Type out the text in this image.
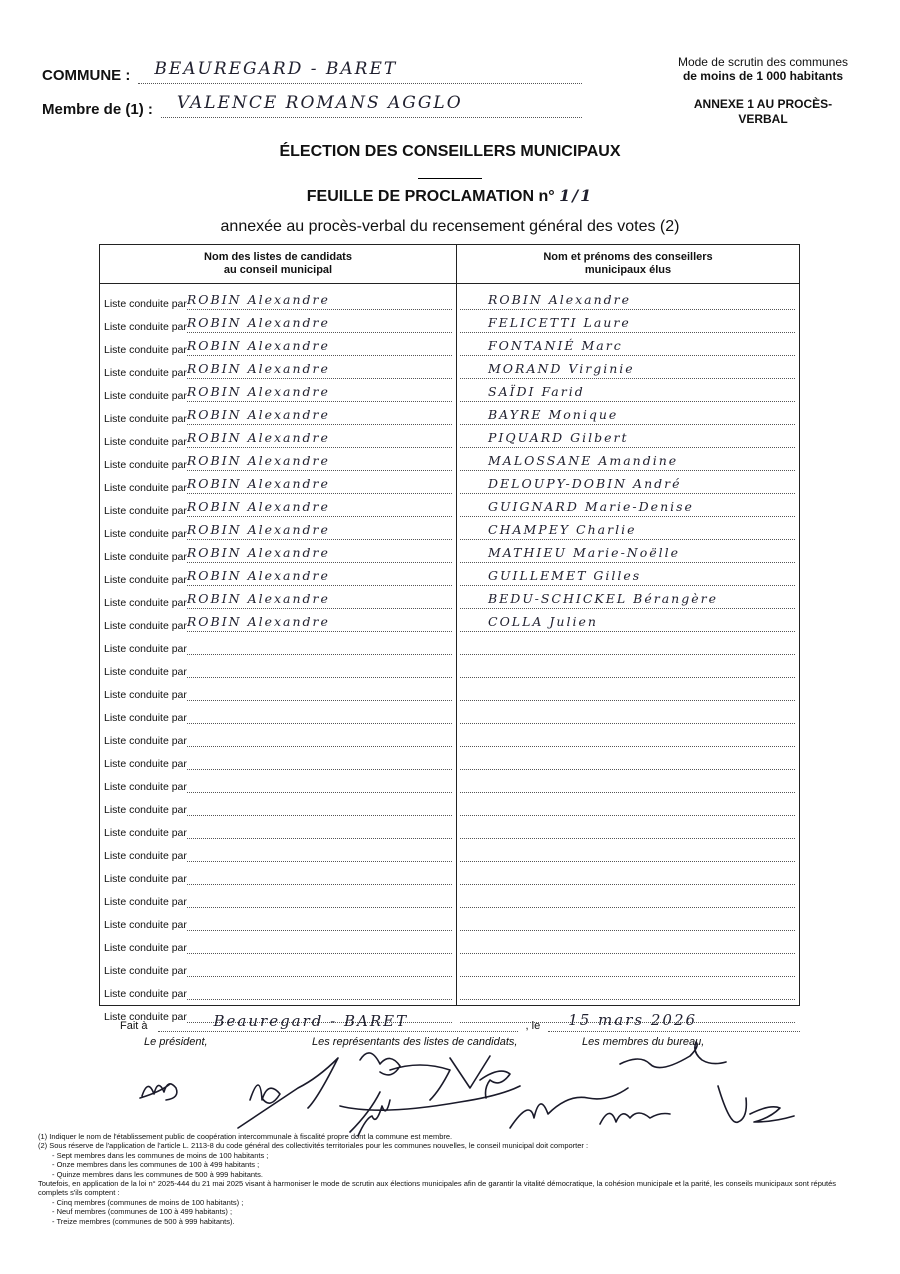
COMMUNE :	BEAUREGARD - BARET
Membre de (1) :	VALENCE ROMANS AGGLO
Mode de scrutin des communes
de moins de 1 000 habitants
ANNEXE 1 AU PROCÈS-
VERBAL
ÉLECTION DES CONSEILLERS MUNICIPAUX
FEUILLE DE PROCLAMATION n° 1/1
annexée au procès-verbal du recensement général des votes (2)
Nom des listes de candidats
au conseil municipal
Nom et prénoms des conseillers
municipaux élus
Liste conduite par ROBIN Alexandre	ROBIN Alexandre
Liste conduite par ROBIN Alexandre	FELICETTI Laure
Liste conduite par ROBIN Alexandre	FONTANIÉ Marc
Liste conduite par ROBIN Alexandre	MORAND Virginie
Liste conduite par ROBIN Alexandre	SAÏDI Farid
Liste conduite par ROBIN Alexandre	BAYRE Monique
Liste conduite par ROBIN Alexandre	PIQUARD Gilbert
Liste conduite par ROBIN Alexandre	MALOSSANE Amandine
Liste conduite par ROBIN Alexandre	DELOUPY-DOBIN André
Liste conduite par ROBIN Alexandre	GUIGNARD Marie-Denise
Liste conduite par ROBIN Alexandre	CHAMPEY Charlie
Liste conduite par ROBIN Alexandre	MATHIEU Marie-Noëlle
Liste conduite par ROBIN Alexandre	GUILLEMET Gilles
Liste conduite par ROBIN Alexandre	BEDU-SCHICKEL Bérangère
Liste conduite par ROBIN Alexandre	COLLA Julien
Liste conduite par
Liste conduite par
Liste conduite par
Liste conduite par
Liste conduite par
Liste conduite par
Liste conduite par
Liste conduite par
Liste conduite par
Liste conduite par
Liste conduite par
Liste conduite par
Liste conduite par
Liste conduite par
Liste conduite par
Liste conduite par
Liste conduite par
Fait à	Beauregard - BARET	, le	15 mars 2026
Le président,	Les représentants des listes de candidats,	Les membres du bureau,
(1) Indiquer le nom de l'établissement public de coopération intercommunale à fiscalité propre dont la commune est membre.
(2) Sous réserve de l'application de l'article L. 2113-8 du code général des collectivités territoriales pour les communes nouvelles, le conseil municipal doit comporter :
- Sept membres dans les communes de moins de 100 habitants ;
- Onze membres dans les communes de 100 à 499 habitants ;
- Quinze membres dans les communes de 500 à 999 habitants.
Toutefois, en application de la loi n° 2025-444 du 21 mai 2025 visant à harmoniser le mode de scrutin aux élections municipales afin de garantir la vitalité démocratique, la cohésion municipale et la parité, les conseils municipaux sont réputés complets s'ils comptent :
- Cinq membres (communes de moins de 100 habitants) ;
- Neuf membres (communes de 100 à 499 habitants) ;
- Treize membres (communes de 500 à 999 habitants).
